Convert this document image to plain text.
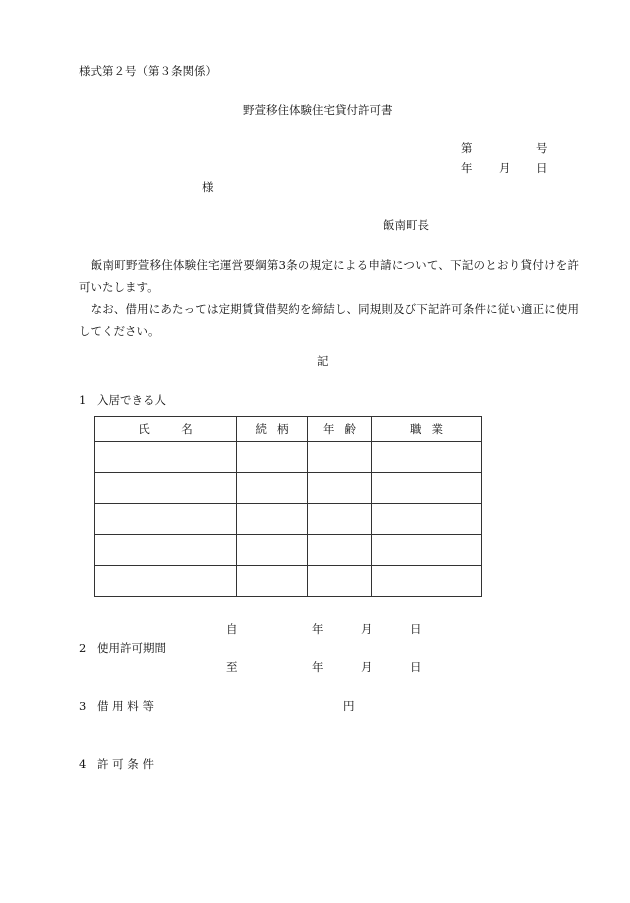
様式第２号（第３条関係）
野萱移住体験住宅貸付許可書
第	号
年 月 日
様
飯南町長
　飯南町野萱移住体験住宅運営要綱第3条の規定による申請について、下記のとおり貸付けを許可いたします。
　なお、借用にあたっては定期賃貸借契約を締結し、同規則及び下記許可条件に従い適正に使用してください。
記
1 入居できる人
氏　名	続柄	年齢	職業

自	年	月	日
2 使用許可期間
至	年	月	日
3 借 用 料 等	円
4 許 可 条 件
